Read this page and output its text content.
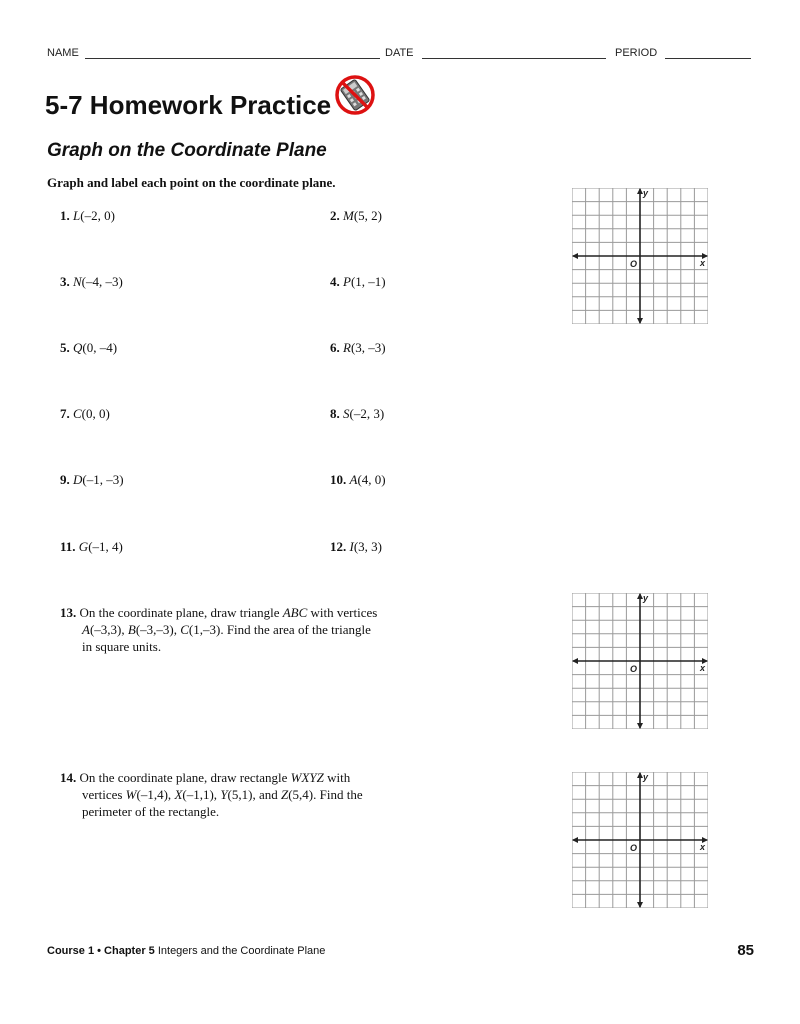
NAME	DATE	PERIOD
5-7 Homework Practice
Graph on the Coordinate Plane
Graph and label each point on the coordinate plane.
1. L(–2, 0)	2. M(5, 2)
3. N(–4, –3)	4. P(1, –1)
5. Q(0, –4)	6. R(3, –3)
7. C(0, 0)	8. S(–2, 3)
9. D(–1, –3)	10. A(4, 0)
11. G(–1, 4)	12. I(3, 3)
13. On the coordinate plane, draw triangle ABC with vertices
A(–3,3), B(–3,–3), C(1,–3). Find the area of the triangle
in square units.
14. On the coordinate plane, draw rectangle WXYZ with
vertices W(–1,4), X(–1,1), Y(5,1), and Z(5,4). Find the
perimeter of the rectangle.
y
x
O
y
x
O
y
x
O
Course 1 • Chapter 5 Integers and the Coordinate Plane	85
